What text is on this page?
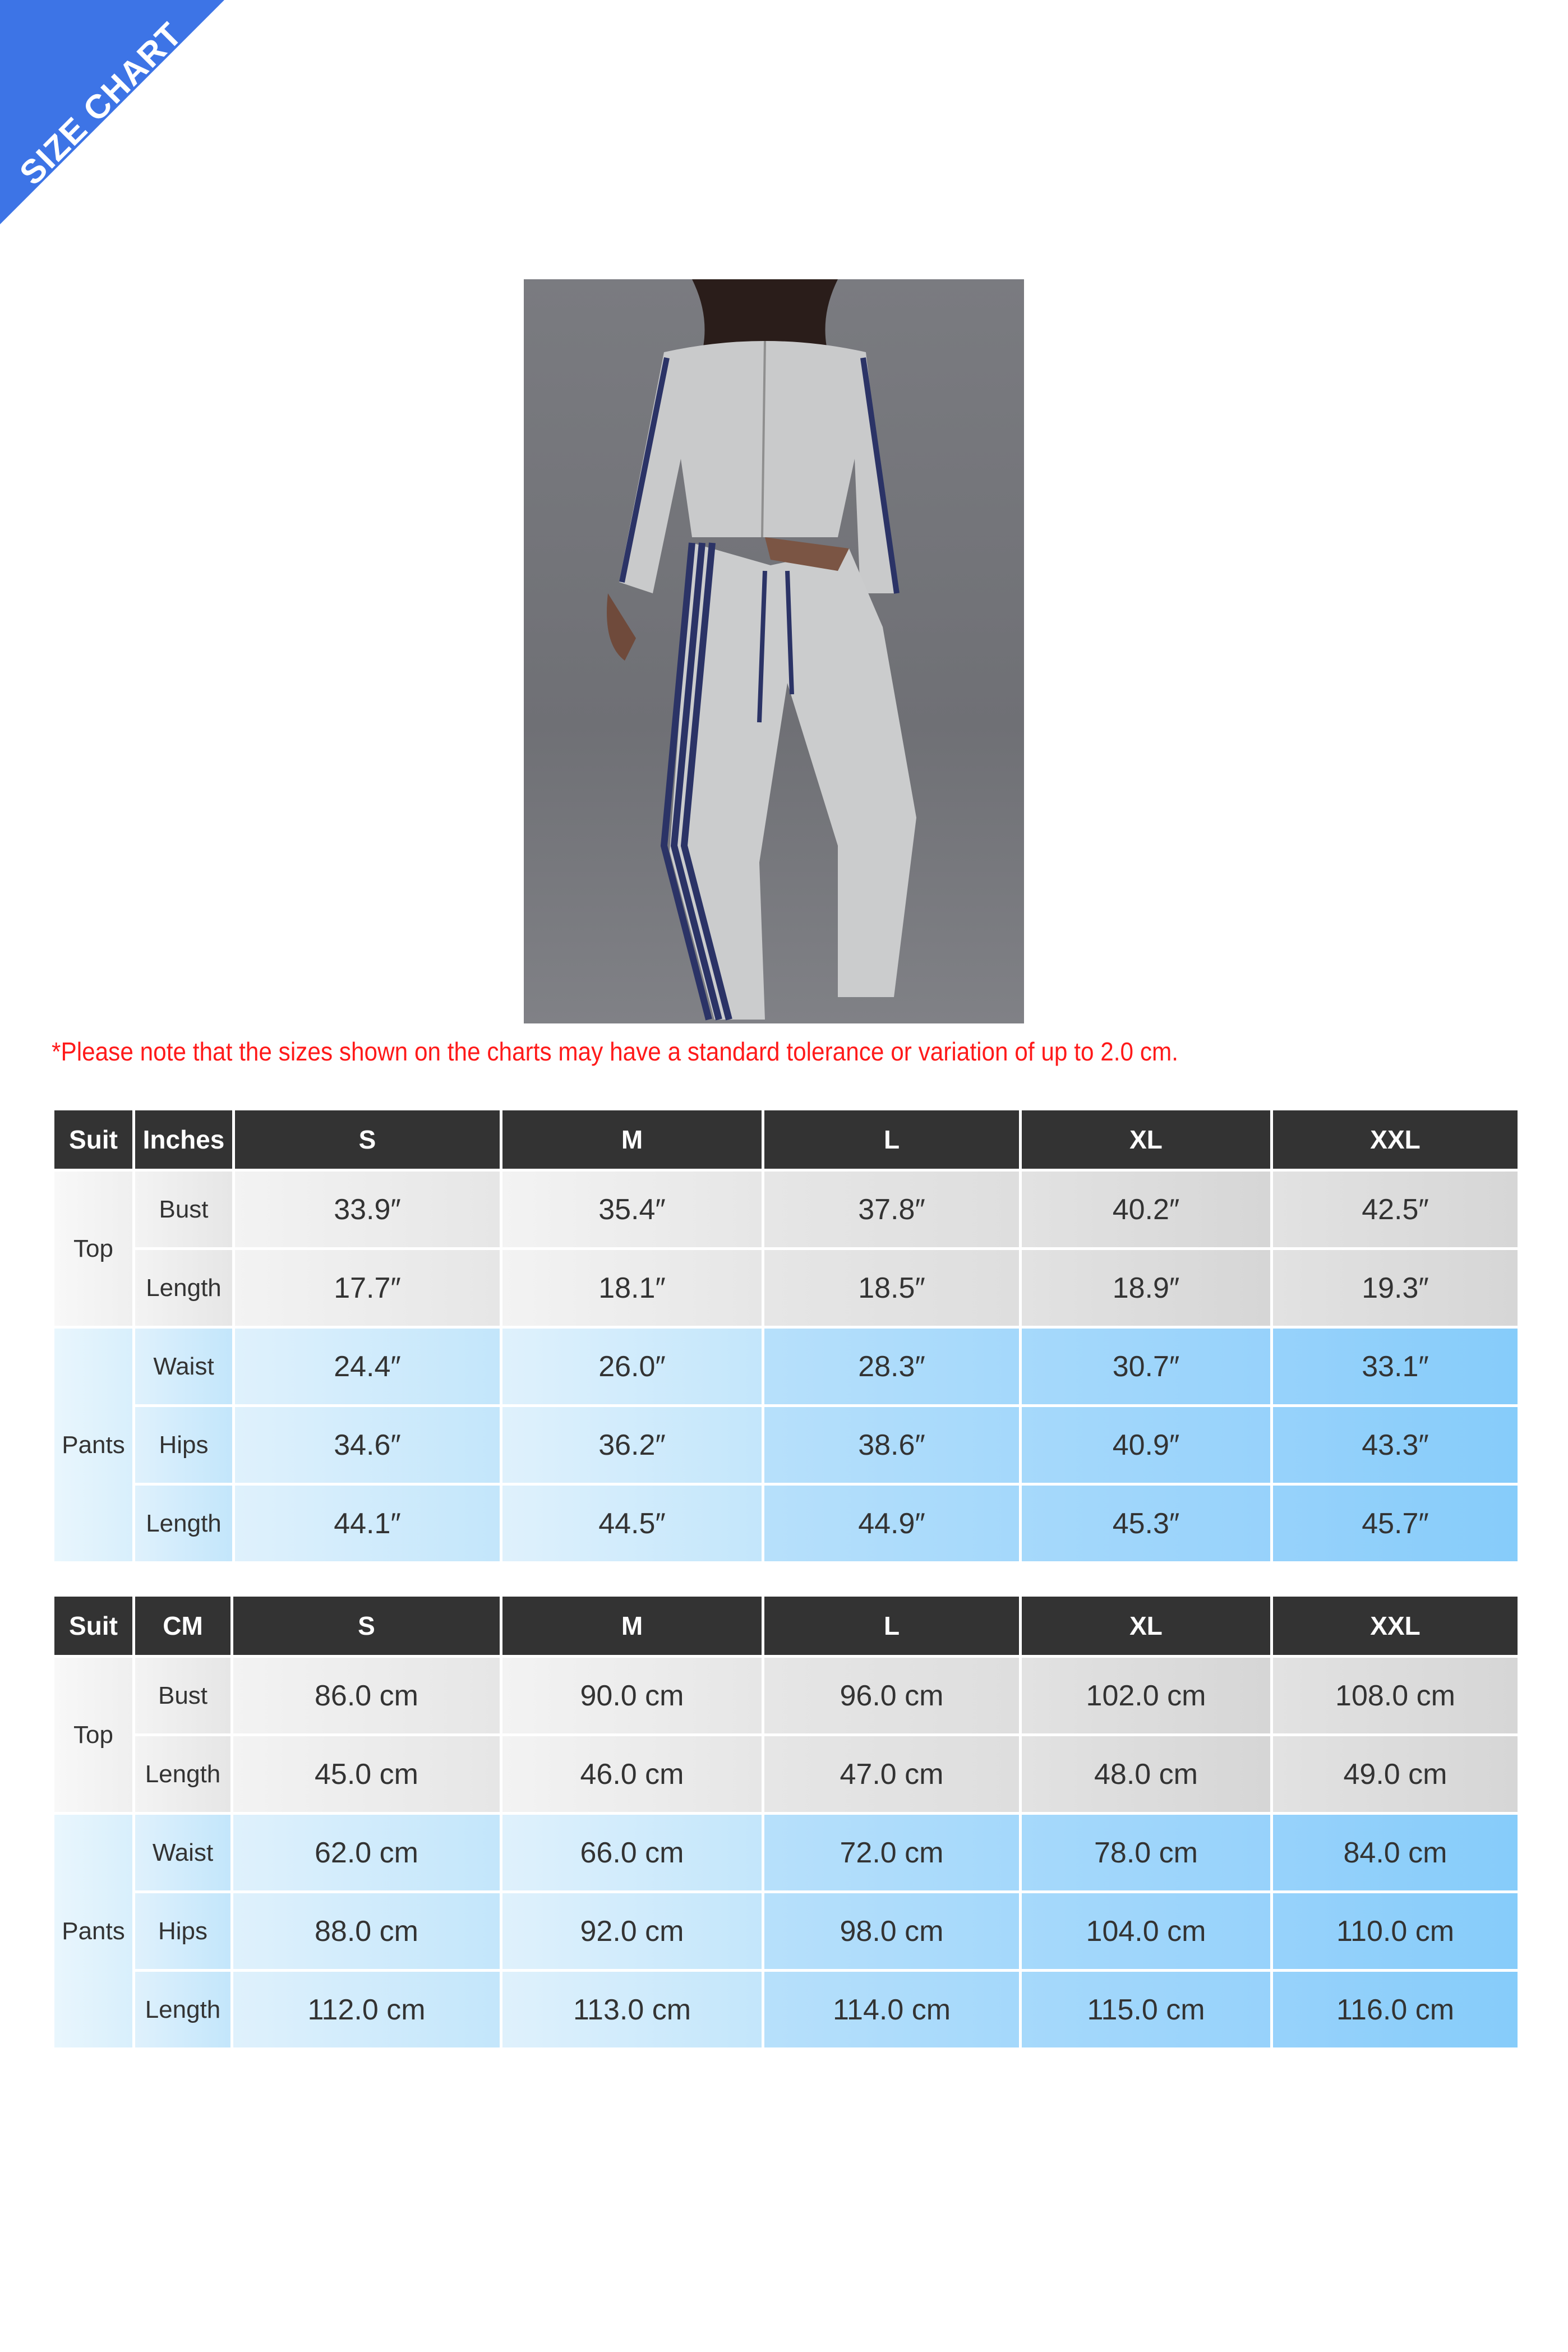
SIZE CHART
*Please note that the sizes shown on the charts may have a standard tolerance or variation of up to 2.0 cm.
Suit	Inches	S	M	L	XL	XXL
Top	Bust	33.9″	35.4″	37.8″	40.2″	42.5″
	Length	17.7″	18.1″	18.5″	18.9″	19.3″
Pants	Waist	24.4″	26.0″	28.3″	30.7″	33.1″
	Hips	34.6″	36.2″	38.6″	40.9″	43.3″
	Length	44.1″	44.5″	44.9″	45.3″	45.7″
Suit	CM	S	M	L	XL	XXL
Top	Bust	86.0 cm	90.0 cm	96.0 cm	102.0 cm	108.0 cm
	Length	45.0 cm	46.0 cm	47.0 cm	48.0 cm	49.0 cm
Pants	Waist	62.0 cm	66.0 cm	72.0 cm	78.0 cm	84.0 cm
	Hips	88.0 cm	92.0 cm	98.0 cm	104.0 cm	110.0 cm
	Length	112.0 cm	113.0 cm	114.0 cm	115.0 cm	116.0 cm
